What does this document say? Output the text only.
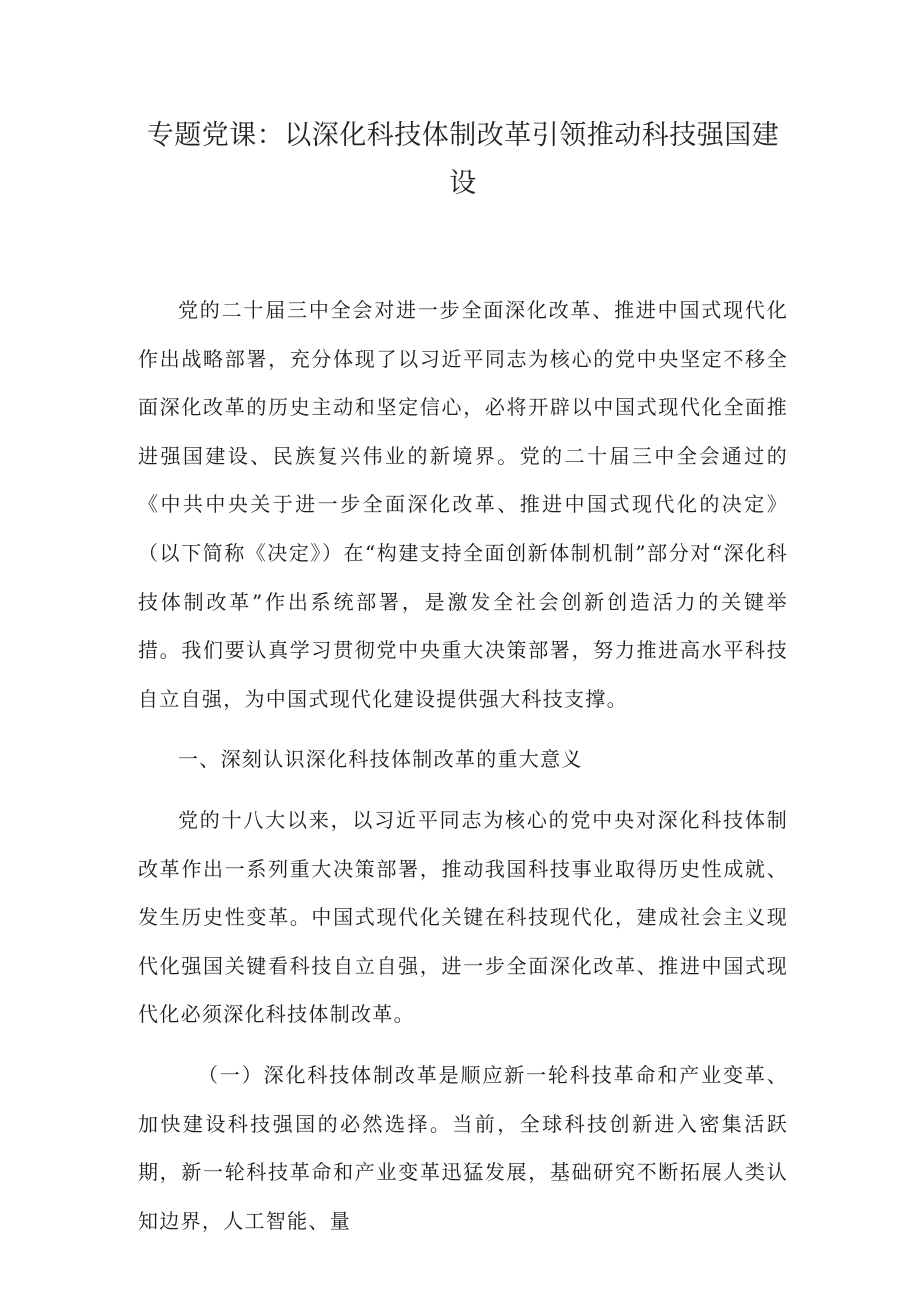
专题党课：以深化科技体制改革引领推动科技强国建设

党的二十届三中全会对进一步全面深化改革、推进中国式现代化作出战略部署，充分体现了以习近平同志为核心的党中央坚定不移全面深化改革的历史主动和坚定信心，必将开辟以中国式现代化全面推进强国建设、民族复兴伟业的新境界。党的二十届三中全会通过的《中共中央关于进一步全面深化改革、推进中国式现代化的决定》（以下简称《决定》）在“构建支持全面创新体制机制”部分对“深化科技体制改革”作出系统部署，是激发全社会创新创造活力的关键举措。我们要认真学习贯彻党中央重大决策部署，努力推进高水平科技自立自强，为中国式现代化建设提供强大科技支撑。

一、深刻认识深化科技体制改革的重大意义

党的十八大以来，以习近平同志为核心的党中央对深化科技体制改革作出一系列重大决策部署，推动我国科技事业取得历史性成就、发生历史性变革。中国式现代化关键在科技现代化，建成社会主义现代化强国关键看科技自立自强，进一步全面深化改革、推进中国式现代化必须深化科技体制改革。

（一）深化科技体制改革是顺应新一轮科技革命和产业变革、加快建设科技强国的必然选择。当前，全球科技创新进入密集活跃期，新一轮科技革命和产业变革迅猛发展，基础研究不断拓展人类认知边界，人工智能、量
